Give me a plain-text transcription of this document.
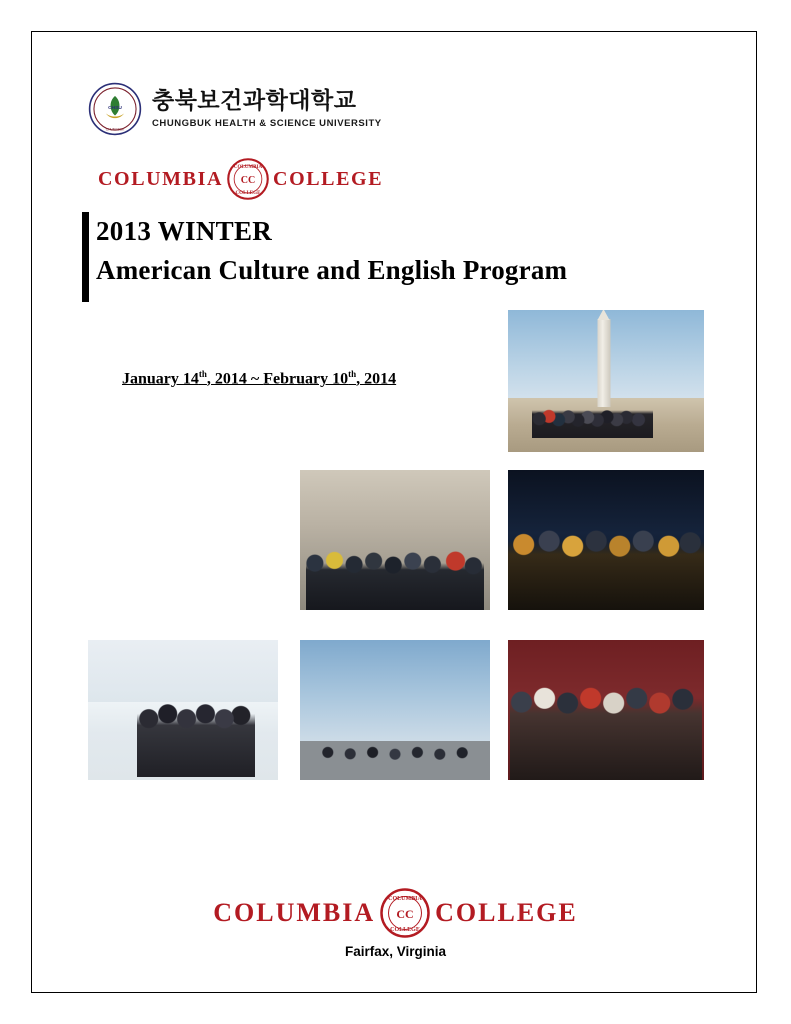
CHSU
CHUNGBUK
충북보건과학대학교
CHUNGBUK HEALTH & SCIENCE UNIVERSITY
COLUMBIA COLUMBIA
CC
COLLEGE
COLLEGE
2013 WINTER
American Culture and English Program
January 14th, 2014 ~ February 10th, 2014
COLUMBIA COLUMBIA
CC
COLLEGE
COLLEGE
Fairfax, Virginia
